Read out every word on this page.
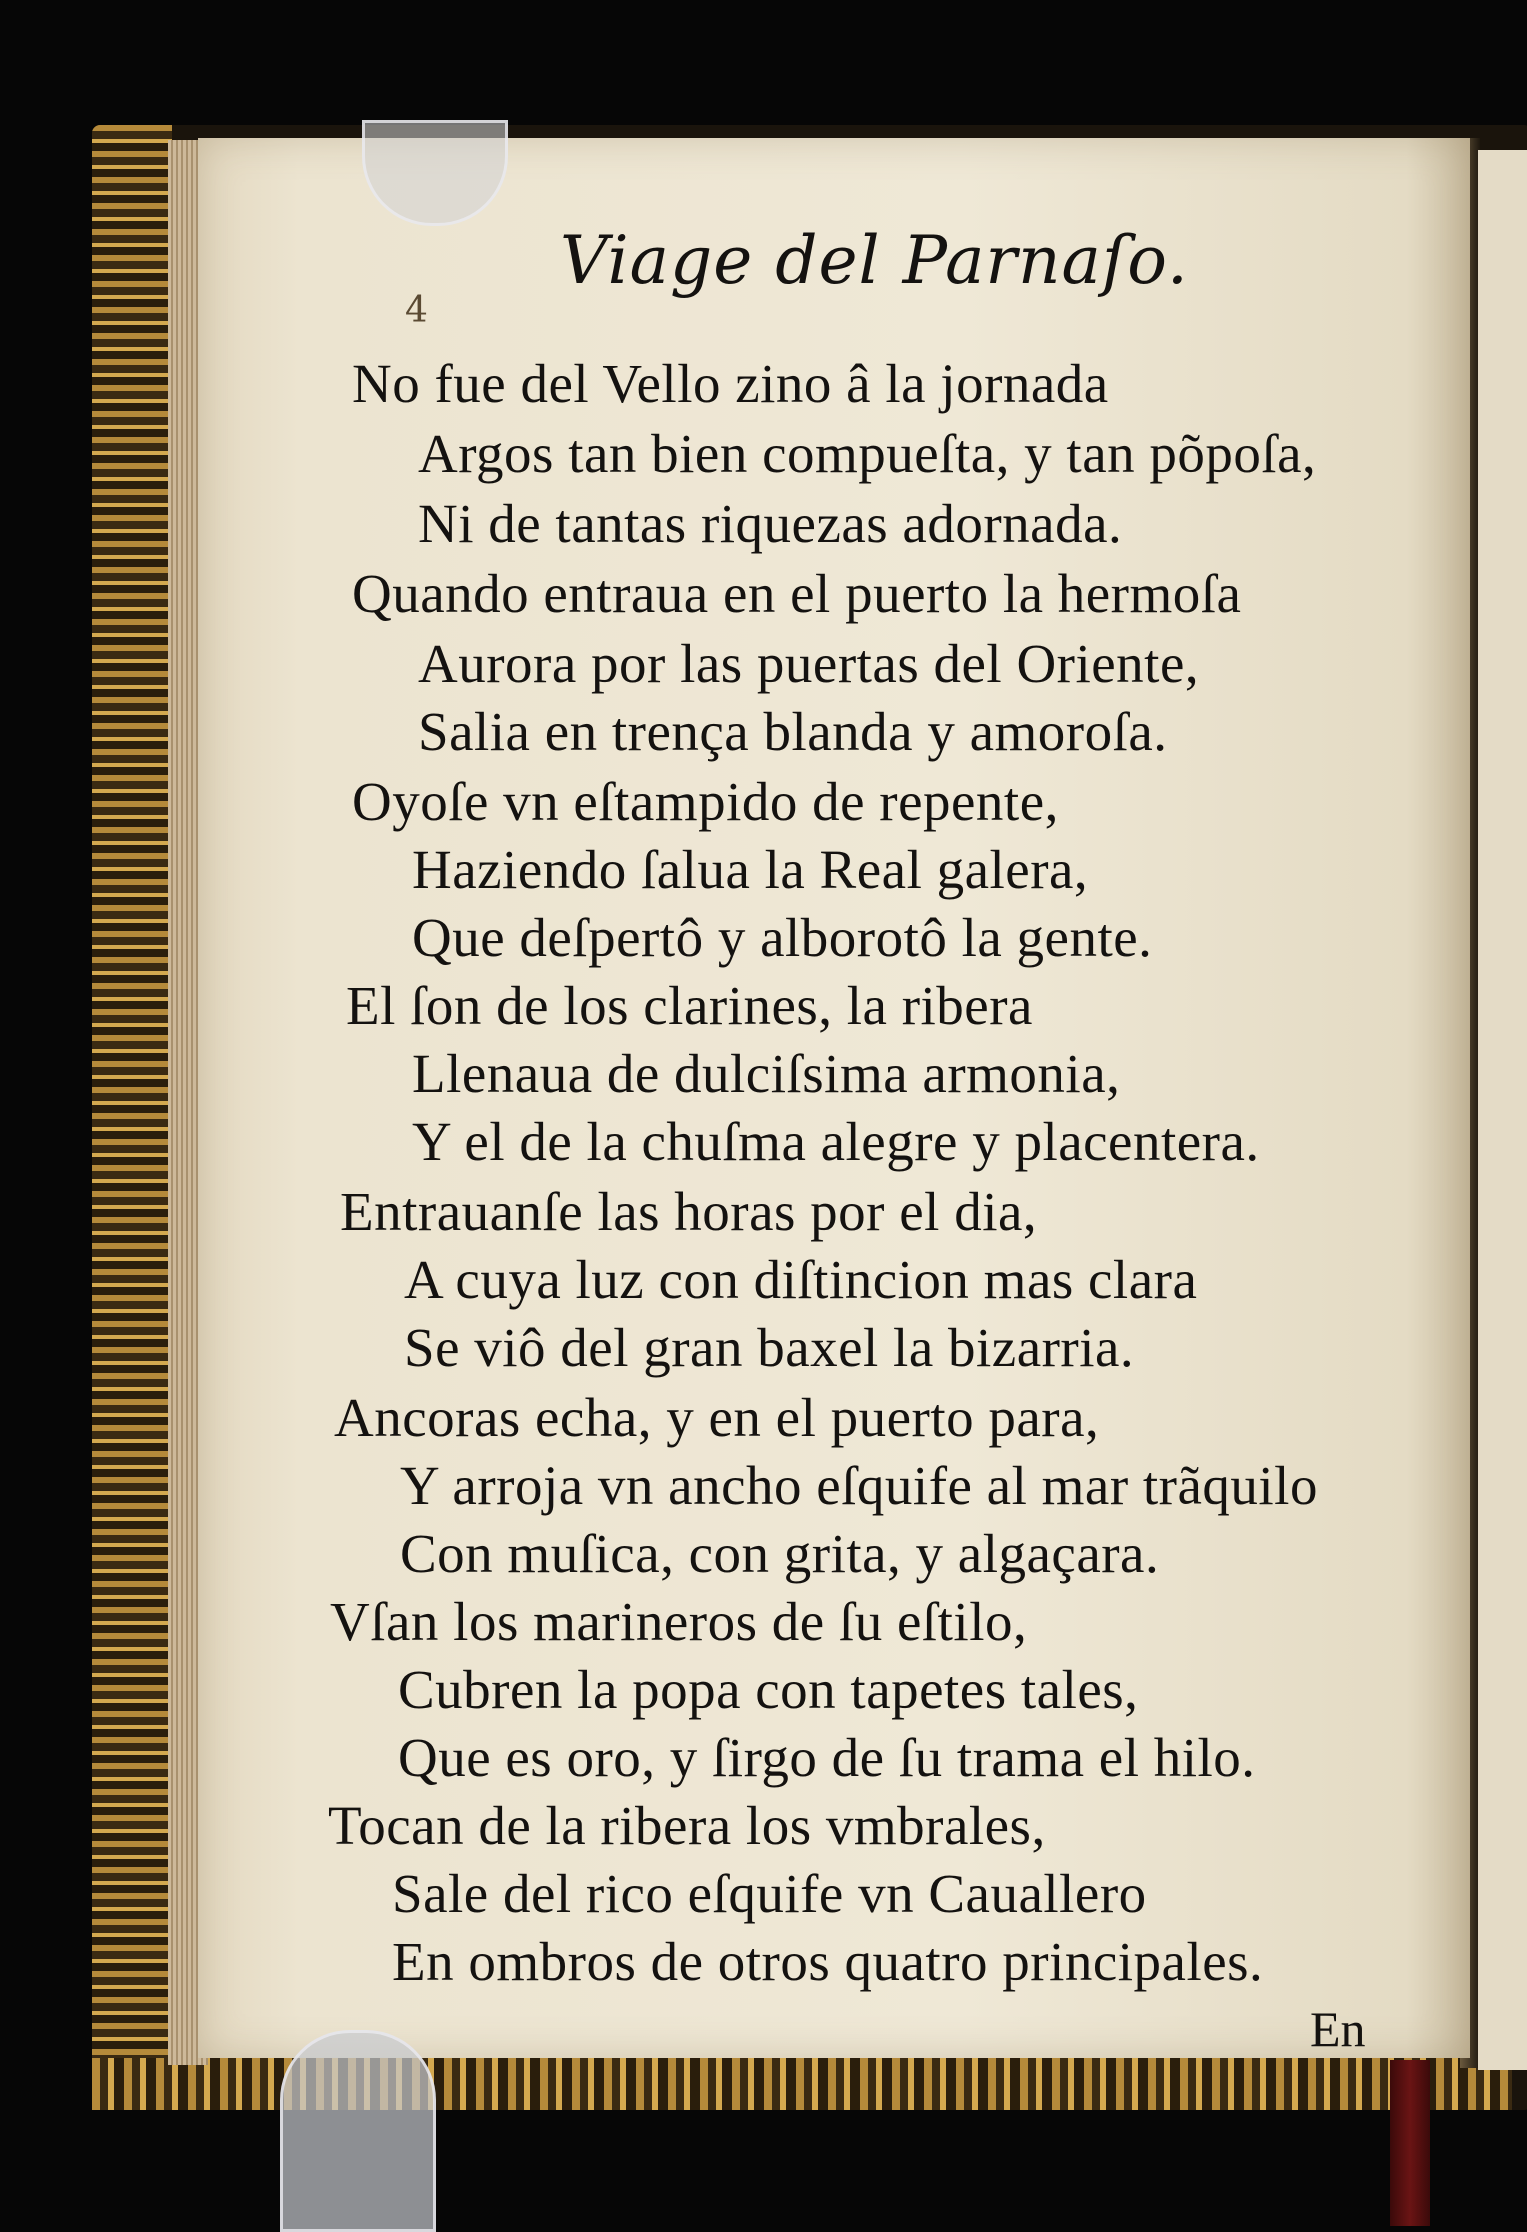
4
Viage del Parnaſo.
No fue del Vello zino â la jornada
Argos tan bien compueſta, y tan põpoſa,
Ni de tantas riquezas adornada.
Quando entraua en el puerto la hermoſa
Aurora por las puertas del Oriente,
Salia en trença blanda y amoroſa.
Oyoſe vn eſtampido de repente,
Haziendo ſalua la Real galera,
Que deſpertô y alborotô la gente.
El ſon de los clarines, la ribera
Llenaua de dulciſsima armonia,
Y el de la chuſma alegre y placentera.
Entrauanſe las horas por el dia,
A cuya luz con diſtincion mas clara
Se viô del gran baxel la bizarria.
Ancoras echa, y en el puerto para,
Y arroja vn ancho eſquife al mar trãquilo
Con muſica, con grita, y algaçara.
Vſan los marineros de ſu eſtilo,
Cubren la popa con tapetes tales,
Que es oro, y ſirgo de ſu trama el hilo.
Tocan de la ribera los vmbrales,
Sale del rico eſquife vn Cauallero
En ombros de otros quatro principales.
En
